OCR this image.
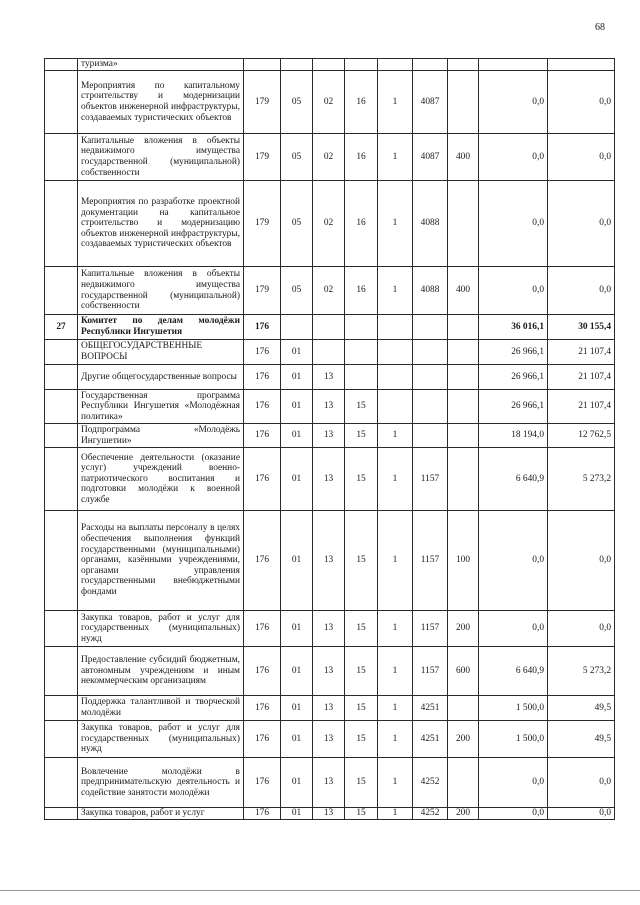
68
	туризма»									
	Мероприятия по капитальному строительству и модернизации объектов инженерной инфраструктуры, создаваемых туристических объектов	179	05	02	16	1	4087		0,0	0,0
	Капитальные вложения в объекты недвижимого имущества государственной (муниципальной) собственности	179	05	02	16	1	4087	400	0,0	0,0
	Мероприятия по разработке проектной документации на капитальное строительство и модернизацию объектов инженерной инфраструктуры, создаваемых туристических объектов	179	05	02	16	1	4088		0,0	0,0
	Капитальные вложения в объекты недвижимого имущества государственной (муниципальной) собственности	179	05	02	16	1	4088	400	0,0	0,0
27	Комитет по делам молодёжи Республики Ингушетия	176							36 016,1	30 155,4
	ОБЩЕГОСУДАРСТВЕННЫЕ ВОПРОСЫ	176	01						26 966,1	21 107,4
	Другие общегосударственные вопросы	176	01	13					26 966,1	21 107,4
	Государственная программа Республики Ингушетия «Молодёжная политика»	176	01	13	15				26 966,1	21 107,4
	Подпрограмма «Молодёжь Ингушетии»	176	01	13	15	1			18 194,0	12 762,5
	Обеспечение деятельности (оказание услуг) учреждений военно-патриотического воспитания и подготовки молодёжи к военной службе	176	01	13	15	1	1157		6 640,9	5 273,2
	Расходы на выплаты персоналу в целях обеспечения выполнения функций государственными (муниципальными) органами, казёнными учреждениями, органами управления государственными внебюджетными фондами	176	01	13	15	1	1157	100	0,0	0,0
	Закупка товаров, работ и услуг для государственных (муниципальных) нужд	176	01	13	15	1	1157	200	0,0	0,0
	Предоставление субсидий бюджетным, автономным учреждениям и иным некоммерческим организациям	176	01	13	15	1	1157	600	6 640,9	5 273,2
	Поддержка талантливой и творческой молодёжи	176	01	13	15	1	4251		1 500,0	49,5
	Закупка товаров, работ и услуг для государственных (муниципальных) нужд	176	01	13	15	1	4251	200	1 500,0	49,5
	Вовлечение молодёжи в предпринимательскую деятельность и содействие занятости молодёжи	176	01	13	15	1	4252		0,0	0,0
	Закупка товаров, работ и услуг	176	01	13	15	1	4252	200	0,0	0,0
